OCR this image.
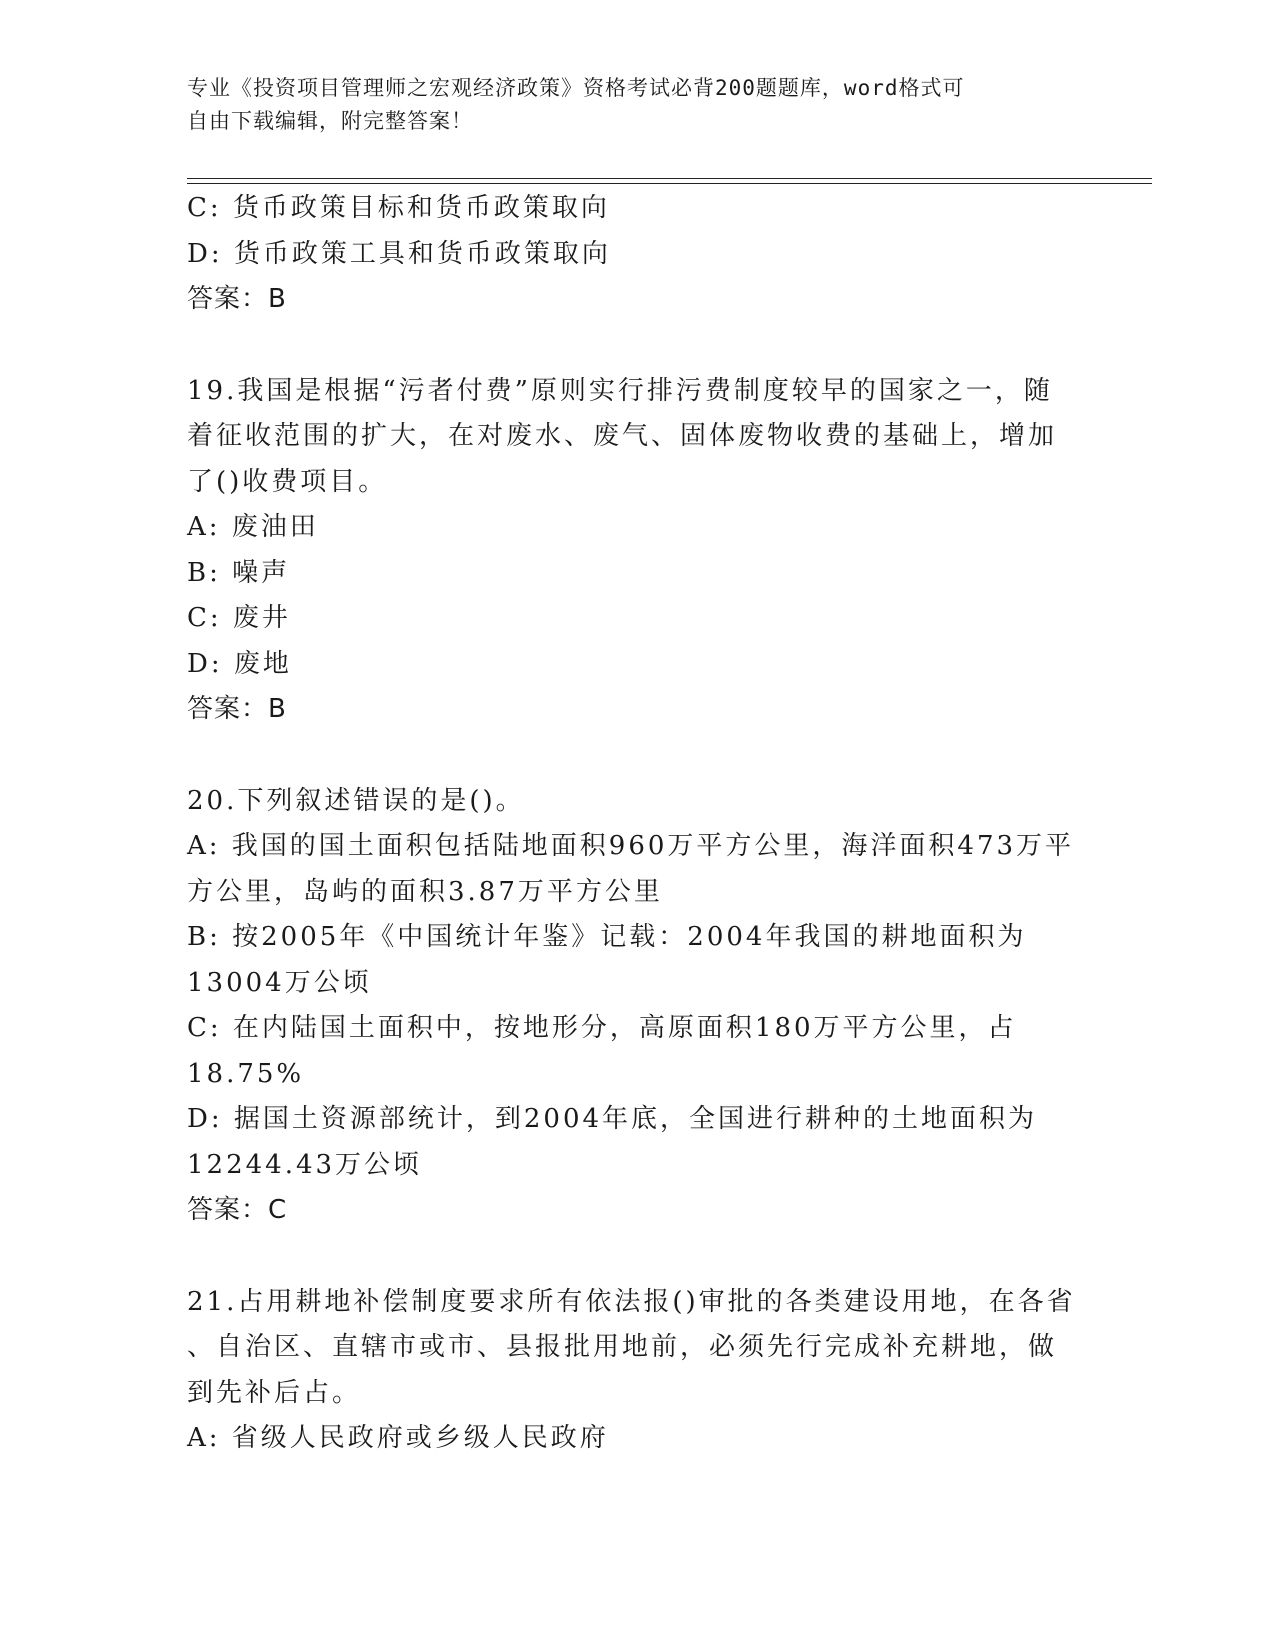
专业《投资项目管理师之宏观经济政策》资格考试必背200题题库，word格式可
自由下载编辑，附完整答案！
C: 货币政策目标和货币政策取向
D: 货币政策工具和货币政策取向
答案：B
19.我国是根据“污者付费”原则实行排污费制度较早的国家之一，随
着征收范围的扩大，在对废水、废气、固体废物收费的基础上，增加
了()收费项目。
A: 废油田
B: 噪声
C: 废井
D: 废地
答案：B
20.下列叙述错误的是()。
A: 我国的国土面积包括陆地面积960万平方公里，海洋面积473万平
方公里，岛屿的面积3.87万平方公里
B: 按2005年《中国统计年鉴》记载：2004年我国的耕地面积为
13004万公顷
C: 在内陆国土面积中，按地形分，高原面积180万平方公里，占
18.75%
D: 据国土资源部统计，到2004年底，全国进行耕种的土地面积为
12244.43万公顷
答案：C
21.占用耕地补偿制度要求所有依法报()审批的各类建设用地，在各省
、自治区、直辖市或市、县报批用地前，必须先行完成补充耕地，做
到先补后占。
A: 省级人民政府或乡级人民政府
